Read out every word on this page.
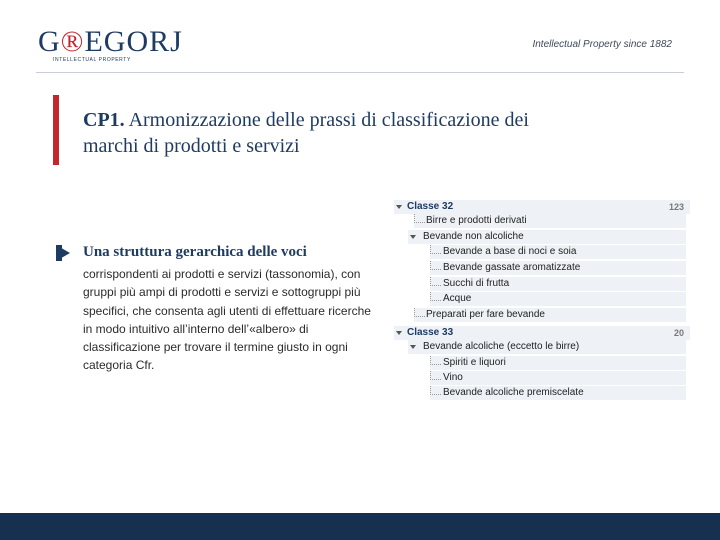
G®EGORJ
INTELLECTUAL PROPERTY
Intellectual Property since 1882
CP1. Armonizzazione delle prassi di classificazione dei marchi di prodotti e servizi
Una struttura gerarchica delle voci
corrispondenti ai prodotti e servizi (tassonomia), con gruppi più ampi di prodotti e servizi e sottogruppi più specifici, che consenta agli utenti di effettuare ricerche in modo intuitivo all’interno dell’«albero» di classificazione per trovare il termine giusto in ogni categoria Cfr.
Classe 32	123
Birre e prodotti derivati
Bevande non alcoliche
Bevande a base di noci e soia
Bevande gassate aromatizzate
Succhi di frutta
Acque
Preparati per fare bevande
Classe 33	20
Bevande alcoliche (eccetto le birre)
Spiriti e liquori
Vino
Bevande alcoliche premiscelate
